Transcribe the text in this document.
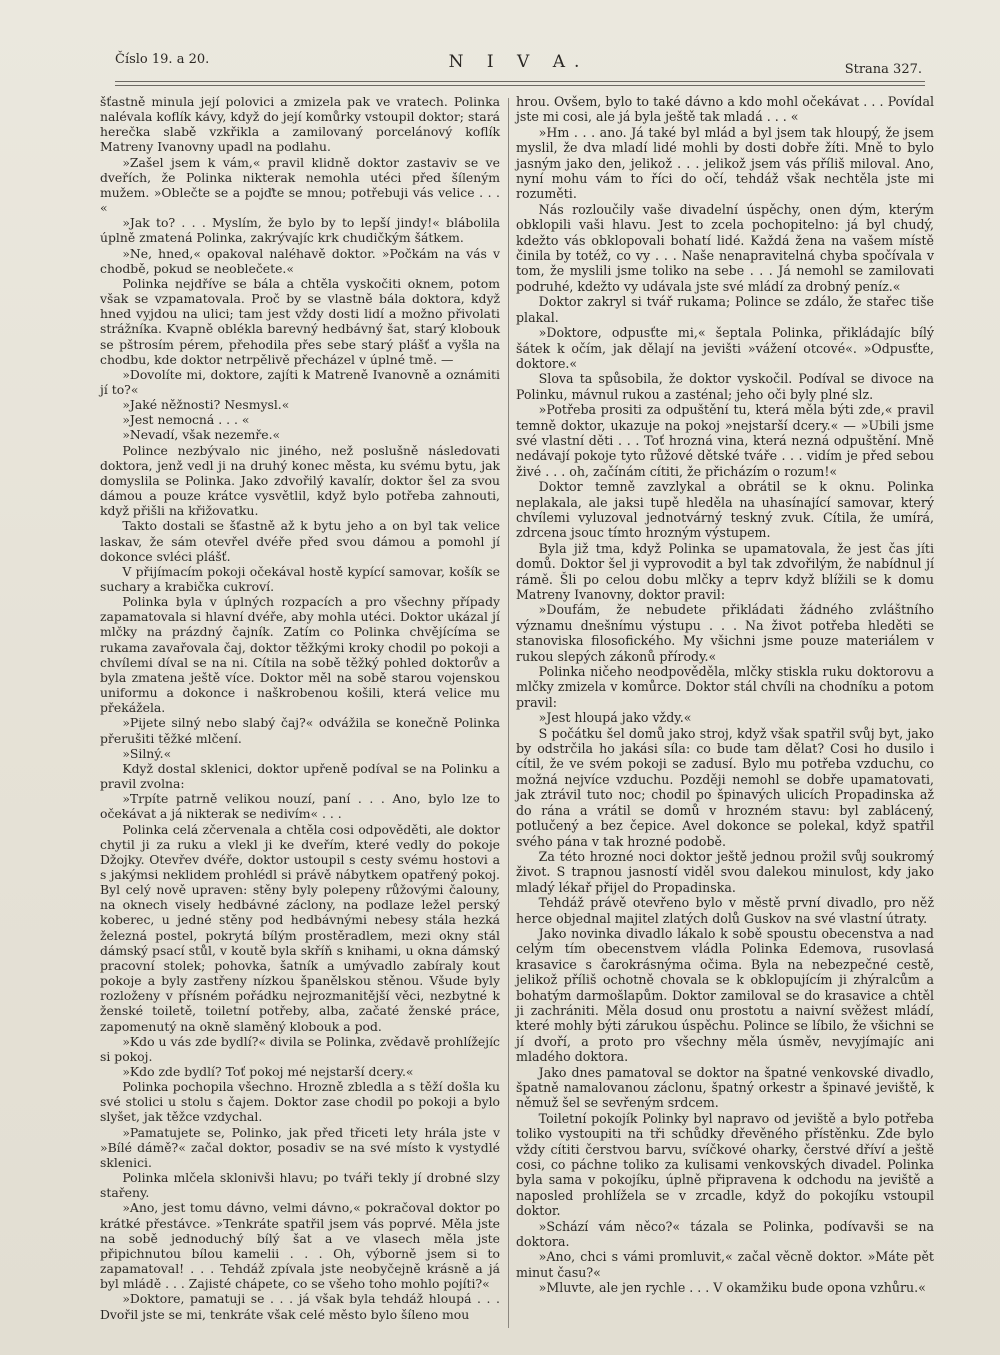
Číslo 19. a 20.	N I V A.	Strana 327.

šťastně minula její polovici a zmizela pak ve vratech. Polinka nalévala koflík kávy, když do její komůrky vstoupil doktor; stará herečka slabě vzkřikla a zamilovaný porcelánový koflík Matreny Ivanovny upadl na podlahu.

»Zašel jsem k vám,« pravil klidně doktor zastaviv se ve dveřích, že Polinka nikterak nemohla utéci před šíleným mužem. »Oblečte se a pojďte se mnou; potřebuji vás velice . . . «

»Jak to? . . . Myslím, že bylo by to lepší jindy!« blábolila úplně zmatená Polinka, zakrývajíc krk chudičkým šátkem.

»Ne, hned,« opakoval naléhavě doktor. »Počkám na vás v chodbě, pokud se neoblečete.«

Polinka nejdříve se bála a chtěla vyskočiti oknem, potom však se vzpamatovala. Proč by se vlastně bála doktora, když hned vyjdou na ulici; tam jest vždy dosti lidí a možno přivolati strážníka. Kvapně oblékla barevný hedbávný šat, starý klobouk se pštrosím pérem, přehodila přes sebe starý plášť a vyšla na chodbu, kde doktor netrpělivě přecházel v úplné tmě. —

»Dovolíte mi, doktore, zajíti k Matreně Ivanovně a oznámiti jí to?«

»Jaké něžnosti? Nesmysl.«

»Jest nemocná . . . «

»Nevadí, však nezemře.«

Polince nezbývalo nic jiného, než poslušně následovati doktora, jenž vedl ji na druhý konec města, ku svému bytu, jak domyslila se Polinka. Jako zdvořilý kavalír, doktor šel za svou dámou a pouze krátce vysvětlil, když bylo potřeba zahnouti, když přišli na křižovatku.

Takto dostali se šťastně až k bytu jeho a on byl tak velice laskav, že sám otevřel dvéře před svou dámou a pomohl jí dokonce svléci plášť.

V přijímacím pokoji očekával hostě kypící samovar, košík se suchary a krabička cukroví.

Polinka byla v úplných rozpacích a pro všechny případy zapamatovala si hlavní dvéře, aby mohla utéci. Doktor ukázal jí mlčky na prázdný čajník. Zatím co Polinka chvějícíma se rukama zavařovala čaj, doktor těžkými kroky chodil po pokoji a chvílemi díval se na ni. Cítila na sobě těžký pohled doktorův a byla zmatena ještě více. Doktor měl na sobě starou vojenskou uniformu a dokonce i naškrobenou košili, která velice mu překážela.

»Pijete silný nebo slabý čaj?« odvážila se konečně Polinka přerušiti těžké mlčení.

»Silný.«

Když dostal sklenici, doktor upřeně podíval se na Polinku a pravil zvolna:

»Trpíte patrně velikou nouzí, paní . . . Ano, bylo lze to očekávat a já nikterak se nedivím« . . .

Polinka celá zčervenala a chtěla cosi odpověděti, ale doktor chytil ji za ruku a vlekl ji ke dveřím, které vedly do pokoje Džojky. Otevřev dvéře, doktor ustoupil s cesty svému hostovi a s jakýmsi neklidem prohlédl si právě nábytkem opatřený pokoj. Byl celý nově upraven: stěny byly polepeny růžovými čalouny, na oknech visely hedbávné záclony, na podlaze ležel perský koberec, u jedné stěny pod hedbávnými nebesy stála hezká železná postel, pokrytá bílým prostěradlem, mezi okny stál dámský psací stůl, v koutě byla skříň s knihami, u okna dámský pracovní stolek; pohovka, šatník a umývadlo zabíraly kout pokoje a byly zastřeny nízkou španělskou stěnou. Všude byly rozloženy v přísném pořádku nejrozmanitější věci, nezbytné k ženské toiletě, toiletní potřeby, alba, začaté ženské práce, zapomenutý na okně slaměný klobouk a pod.

»Kdo u vás zde bydlí?« divila se Polinka, zvědavě prohlížejíc si pokoj.

»Kdo zde bydlí? Toť pokoj mé nejstarší dcery.«

Polinka pochopila všechno. Hrozně zbledla a s těží došla ku své stolici u stolu s čajem. Doktor zase chodil po pokoji a bylo slyšet, jak těžce vzdychal.

»Pamatujete se, Polinko, jak před třiceti lety hrála jste v »Bílé dámě?« začal doktor, posadiv se na své místo k vystydlé sklenici.

Polinka mlčela sklonivši hlavu; po tváři tekly jí drobné slzy stařeny.

»Ano, jest tomu dávno, velmi dávno,« pokračoval doktor po krátké přestávce. »Tenkráte spatřil jsem vás poprvé. Měla jste na sobě jednoduchý bílý šat a ve vlasech měla jste připichnutou bílou kamelii . . . Oh, výborně jsem si to zapamatoval! . . . Tehdáž zpívala jste neobyčejně krásně a já byl mládě . . . Zajisté chápete, co se všeho toho mohlo pojíti?«

»Doktore, pamatuji se . . . já však byla tehdáž hloupá . . . Dvořil jste se mi, tenkráte však celé město bylo šíleno mou

hrou. Ovšem, bylo to také dávno a kdo mohl očekávat . . . Povídal jste mi cosi, ale já byla ještě tak mladá . . . «

»Hm . . . ano. Já také byl mlád a byl jsem tak hloupý, že jsem myslil, že dva mladí lidé mohli by dosti dobře žíti. Mně to bylo jasným jako den, jelikož . . . jelikož jsem vás příliš miloval. Ano, nyní mohu vám to říci do očí, tehdáž však nechtěla jste mi rozuměti.

Nás rozloučily vaše divadelní úspěchy, onen dým, kterým obklopili vaši hlavu. Jest to zcela pochopitelno: já byl chudý, kdežto vás obklopovali bohatí lidé. Každá žena na vašem místě činila by totéž, co vy . . . Naše nenapravitelná chyba spočívala v tom, že myslili jsme toliko na sebe . . . Já nemohl se zamilovati podruhé, kdežto vy udávala jste své mládí za drobný peníz.«

Doktor zakryl si tvář rukama; Polince se zdálo, že stařec tiše plakal.

»Doktore, odpusťte mi,« šeptala Polinka, přikládajíc bílý šátek k očím, jak dělají na jevišti »vážení otcové«. »Odpusťte, doktore.«

Slova ta spůsobila, že doktor vyskočil. Podíval se divoce na Polinku, mávnul rukou a zasténal; jeho oči byly plné slz.

»Potřeba prositi za odpuštění tu, která měla býti zde,« pravil temně doktor, ukazuje na pokoj »nejstarší dcery.« — »Ubili jsme své vlastní děti . . . Toť hrozná vina, která nezná odpuštění. Mně nedávají pokoje tyto růžové dětské tváře . . . vidím je před sebou živé . . . oh, začínám cítiti, že přicházím o rozum!«

Doktor temně zavzlykal a obrátil se k oknu. Polinka neplakala, ale jaksi tupě hleděla na uhasínající samovar, který chvílemi vyluzoval jednotvárný teskný zvuk. Cítila, že umírá, zdrcena jsouc tímto hrozným výstupem.

Byla již tma, když Polinka se upamatovala, že jest čas jíti domů. Doktor šel ji vyprovodit a byl tak zdvořilým, že nabídnul jí rámě. Šli po celou dobu mlčky a teprv když blížili se k domu Matreny Ivanovny, doktor pravil:

»Doufám, že nebudete přikládati žádného zvláštního významu dnešnímu výstupu . . . Na život potřeba hleděti se stanoviska filosofického. My všichni jsme pouze materiálem v rukou slepých zákonů přírody.«

Polinka ničeho neodpověděla, mlčky stiskla ruku doktorovu a mlčky zmizela v komůrce. Doktor stál chvíli na chodníku a potom pravil:

»Jest hloupá jako vždy.«

S počátku šel domů jako stroj, když však spatřil svůj byt, jako by odstrčila ho jakási síla: co bude tam dělat? Cosi ho dusilo i cítil, že ve svém pokoji se zadusí. Bylo mu potřeba vzduchu, co možná nejvíce vzduchu. Později nemohl se dobře upamatovati, jak ztrávil tuto noc; chodil po špinavých ulicích Propadinska až do rána a vrátil se domů v hrozném stavu: byl zablácený, potlučený a bez čepice. Avel dokonce se polekal, když spatřil svého pána v tak hrozné podobě.

Za této hrozné noci doktor ještě jednou prožil svůj soukromý život. S trapnou jasností viděl svou dalekou minulost, kdy jako mladý lékař přijel do Propadinska.

Tehdáž právě otevřeno bylo v městě první divadlo, pro něž herce objednal majitel zlatých dolů Guskov na své vlastní útraty.

Jako novinka divadlo lákalo k sobě spoustu obecenstva a nad celým tím obecenstvem vládla Polinka Edemova, rusovlasá krasavice s čarokrásnýma očima. Byla na nebezpečné cestě, jelikož příliš ochotně chovala se k obklopujícím ji zhýralcům a bohatým darmošlapům. Doktor zamiloval se do krasavice a chtěl ji zachrániti. Měla dosud onu prostotu a naivní svěžest mládí, které mohly býti zárukou úspěchu. Polince se líbilo, že všichni se jí dvoří, a proto pro všechny měla úsměv, nevyjímajíc ani mladého doktora.

Jako dnes pamatoval se doktor na špatné venkovské divadlo, špatně namalovanou záclonu, špatný orkestr a špinavé jeviště, k němuž šel se sevřeným srdcem.

Toiletní pokojík Polinky byl napravo od jeviště a bylo potřeba toliko vystoupiti na tři schůdky dřevěného přístěnku. Zde bylo vždy cítiti čerstvou barvu, svíčkové oharky, čerstvé dříví a ještě cosi, co páchne toliko za kulisami venkovských divadel. Polinka byla sama v pokojíku, úplně připravena k odchodu na jeviště a naposled prohlížela se v zrcadle, když do pokojíku vstoupil doktor.

»Schází vám něco?« tázala se Polinka, podívavši se na doktora.

»Ano, chci s vámi promluvit,« začal věcně doktor. »Máte pět minut času?«

»Mluvte, ale jen rychle . . . V okamžiku bude opona vzhůru.«
